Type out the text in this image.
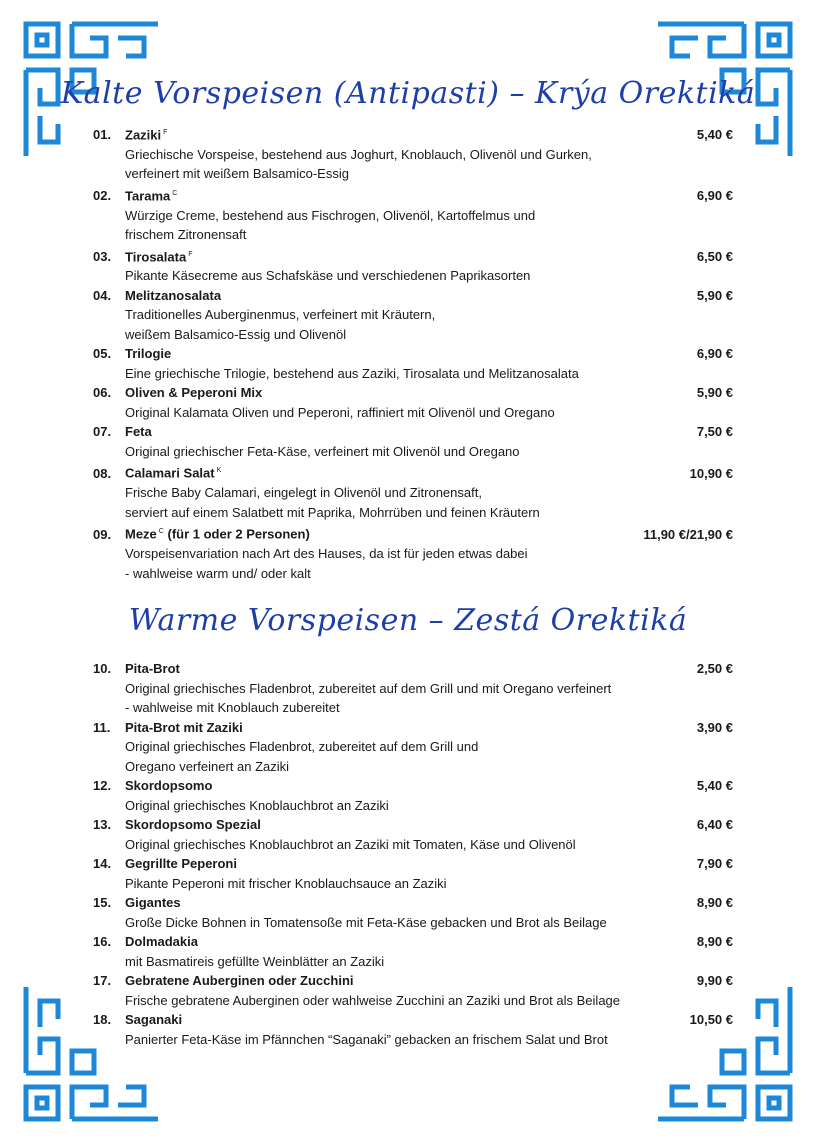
Kalte Vorspeisen (Antipasti) – Krýa Orektiká
01.	Zaziki $^F$	5,40 €
Griechische Vorspeise, bestehend aus Joghurt, Knoblauch, Olivenöl und Gurken,
verfeinert mit weißem Balsamico-Essig
02.	Tarama $^C$	6,90 €
Würzige Creme, bestehend aus Fischrogen, Olivenöl, Kartoffelmus und
frischem Zitronensaft
03.	Tirosalata $^F$	6,50 €
Pikante Käsecreme aus Schafskäse und verschiedenen Paprikasorten
04.	Melitzanosalata	5,90 €
Traditionelles Auberginenmus, verfeinert mit Kräutern,
weißem Balsamico-Essig und Olivenöl
05.	Trilogie	6,90 €
Eine griechische Trilogie, bestehend aus Zaziki, Tirosalata und Melitzanosalata
06.	Oliven & Peperoni Mix	5,90 €
Original Kalamata Oliven und Peperoni, raffiniert mit Olivenöl und Oregano
07.	Feta	7,50 €
Original griechischer Feta-Käse, verfeinert mit Olivenöl und Oregano
08.	Calamari Salat $^K$	10,90 €
Frische Baby Calamari, eingelegt in Olivenöl und Zitronensaft,
serviert auf einem Salatbett mit Paprika, Mohrrüben und feinen Kräutern
09.	Meze $^C$ (für 1 oder 2 Personen)	11,90 €/21,90 €
Vorspeisenvariation nach Art des Hauses, da ist für jeden etwas dabei
- wahlweise warm und/ oder kalt
Warme Vorspeisen – Zestá Orektiká
10.	Pita-Brot	2,50 €
Original griechisches Fladenbrot, zubereitet auf dem Grill und mit Oregano verfeinert
- wahlweise mit Knoblauch zubereitet
11.	Pita-Brot mit Zaziki	3,90 €
Original griechisches Fladenbrot, zubereitet auf dem Grill und
Oregano verfeinert an Zaziki
12.	Skordopsomo	5,40 €
Original griechisches Knoblauchbrot an Zaziki
13.	Skordopsomo Spezial	6,40 €
Original griechisches Knoblauchbrot an Zaziki mit Tomaten, Käse und Olivenöl
14.	Gegrillte Peperoni	7,90 €
Pikante Peperoni mit frischer Knoblauchsauce an Zaziki
15.	Gigantes	8,90 €
Große Dicke Bohnen in Tomatensoße mit Feta-Käse gebacken und Brot als Beilage
16.	Dolmadakia	8,90 €
mit Basmatireis gefüllte Weinblätter an Zaziki
17.	Gebratene Auberginen oder Zucchini	9,90 €
Frische gebratene Auberginen oder wahlweise Zucchini an Zaziki und Brot als Beilage
18.	Saganaki	10,50 €
Panierter Feta-Käse im Pfännchen “Saganaki” gebacken an frischem Salat und Brot
